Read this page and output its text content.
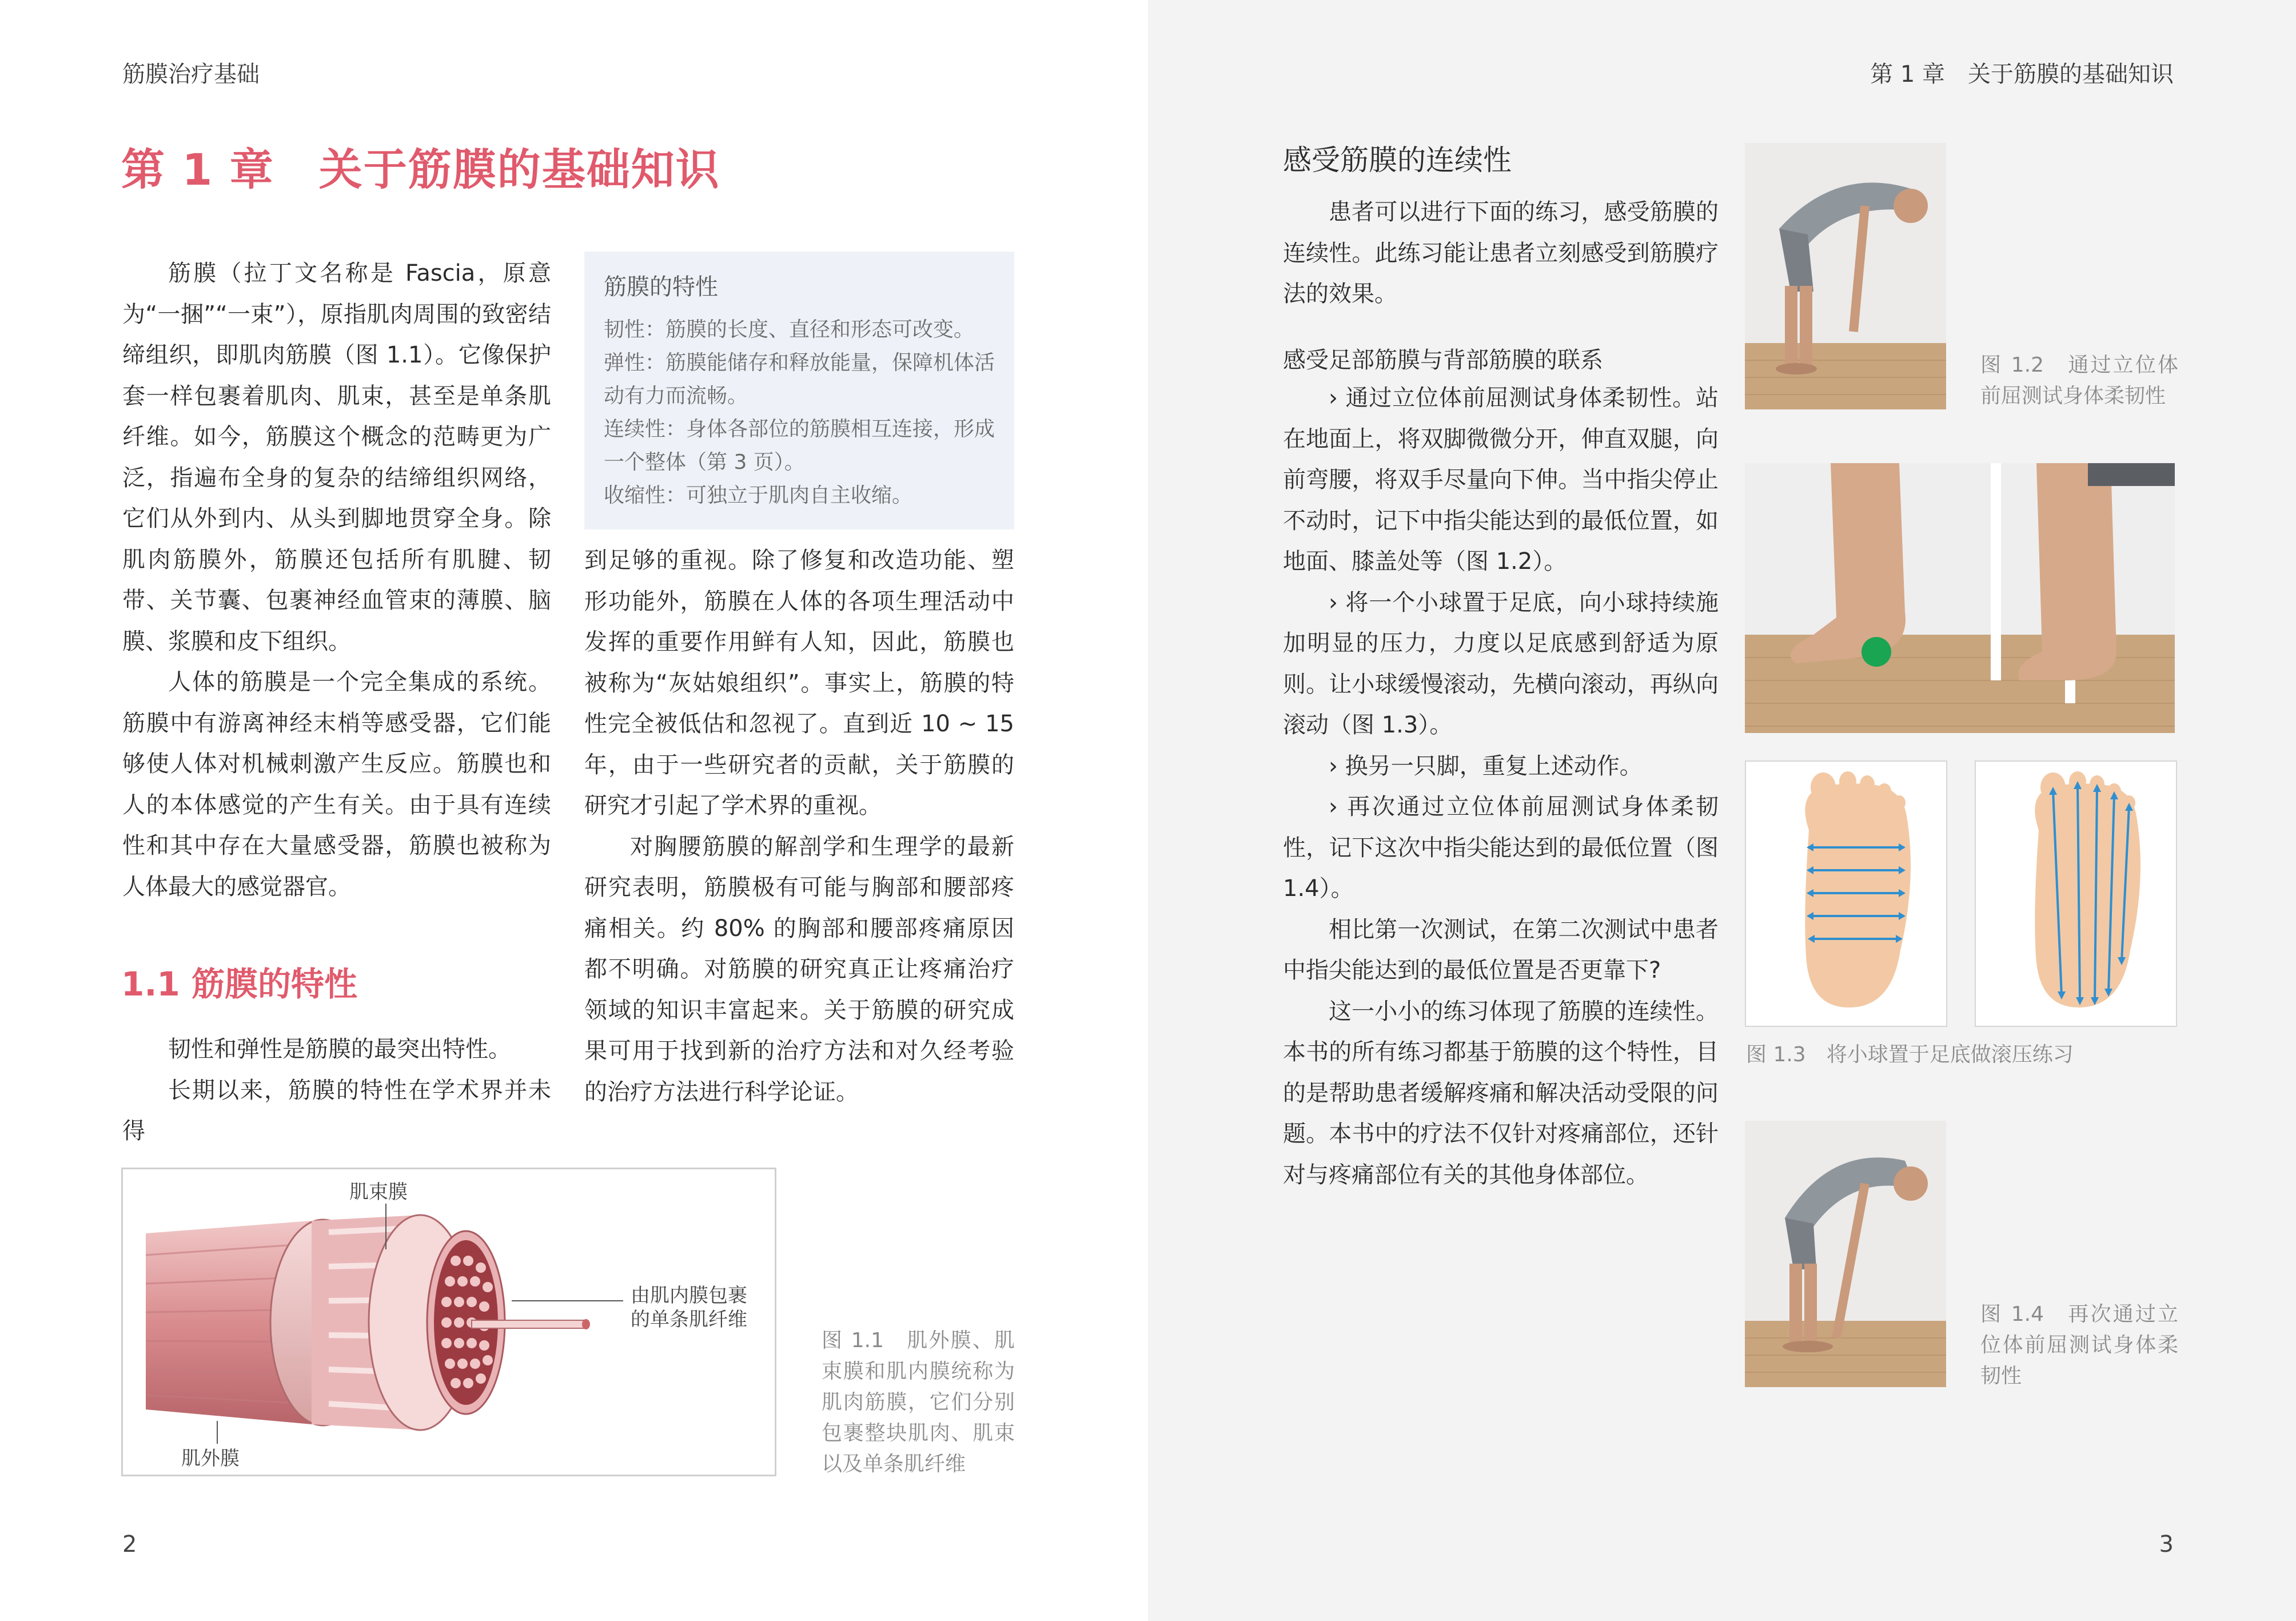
筋膜治疗基础
第 1 章　关于筋膜的基础知识

筋膜（拉丁文名称是 Fascia，原意为“一捆”“一束”），原指肌肉周围的致密结缔组织，即肌肉筋膜（图 1.1）。它像保护套一样包裹着肌肉、肌束，甚至是单条肌纤维。如今，筋膜这个概念的范畴更为广泛，指遍布全身的复杂的结缔组织网络，它们从外到内、从头到脚地贯穿全身。除肌肉筋膜外，筋膜还包括所有肌腱、韧带、关节囊、包裹神经血管束的薄膜、脑膜、浆膜和皮下组织。

人体的筋膜是一个完全集成的系统。筋膜中有游离神经末梢等感受器，它们能够使人体对机械刺激产生反应。筋膜也和人的本体感觉的产生有关。由于具有连续性和其中存在大量感受器，筋膜也被称为人体最大的感觉器官。

1.1 筋膜的特性

韧性和弹性是筋膜的最突出特性。

长期以来，筋膜的特性在学术界并未得

筋膜的特性
韧性：筋膜的长度、直径和形态可改变。
弹性：筋膜能储存和释放能量，保障机体活动有力而流畅。
连续性：身体各部位的筋膜相互连接，形成一个整体（第 3 页）。
收缩性：可独立于肌肉自主收缩。

到足够的重视。除了修复和改造功能、塑形功能外，筋膜在人体的各项生理活动中发挥的重要作用鲜有人知，因此，筋膜也被称为“灰姑娘组织”。事实上，筋膜的特性完全被低估和忽视了。直到近 10 ~ 15 年，由于一些研究者的贡献，关于筋膜的研究才引起了学术界的重视。

对胸腰筋膜的解剖学和生理学的最新研究表明，筋膜极有可能与胸部和腰部疼痛相关。约 80% 的胸部和腰部疼痛原因都不明确。对筋膜的研究真正让疼痛治疗领域的知识丰富起来。关于筋膜的研究成果可用于找到新的治疗方法和对久经考验的治疗方法进行科学论证。

肌束膜
由肌内膜包裹的单条肌纤维
肌外膜
图 1.1　肌外膜、肌束膜和肌内膜统称为肌肉筋膜，它们分别包裹整块肌肉、肌束以及单条肌纤维
2
第 1 章　关于筋膜的基础知识
感受筋膜的连续性

患者可以进行下面的练习，感受筋膜的连续性。此练习能让患者立刻感受到筋膜疗法的效果。

感受足部筋膜与背部筋膜的联系

› 通过立位体前屈测试身体柔韧性。站在地面上，将双脚微微分开，伸直双腿，向前弯腰，将双手尽量向下伸。当中指尖停止不动时，记下中指尖能达到的最低位置，如地面、膝盖处等（图 1.2）。

› 将一个小球置于足底，向小球持续施加明显的压力，力度以足底感到舒适为原则。让小球缓慢滚动，先横向滚动，再纵向滚动（图 1.3）。

› 换另一只脚，重复上述动作。

› 再次通过立位体前屈测试身体柔韧性，记下这次中指尖能达到的最低位置（图 1.4）。

相比第一次测试，在第二次测试中患者中指尖能达到的最低位置是否更靠下?

这一小小的练习体现了筋膜的连续性。本书的所有练习都基于筋膜的这个特性，目的是帮助患者缓解疼痛和解决活动受限的问题。本书中的疗法不仅针对疼痛部位，还针对与疼痛部位有关的其他身体部位。

图 1.2　通过立位体前屈测试身体柔韧性
图 1.3　将小球置于足底做滚压练习
图 1.4　再次通过立位体前屈测试身体柔韧性
3
